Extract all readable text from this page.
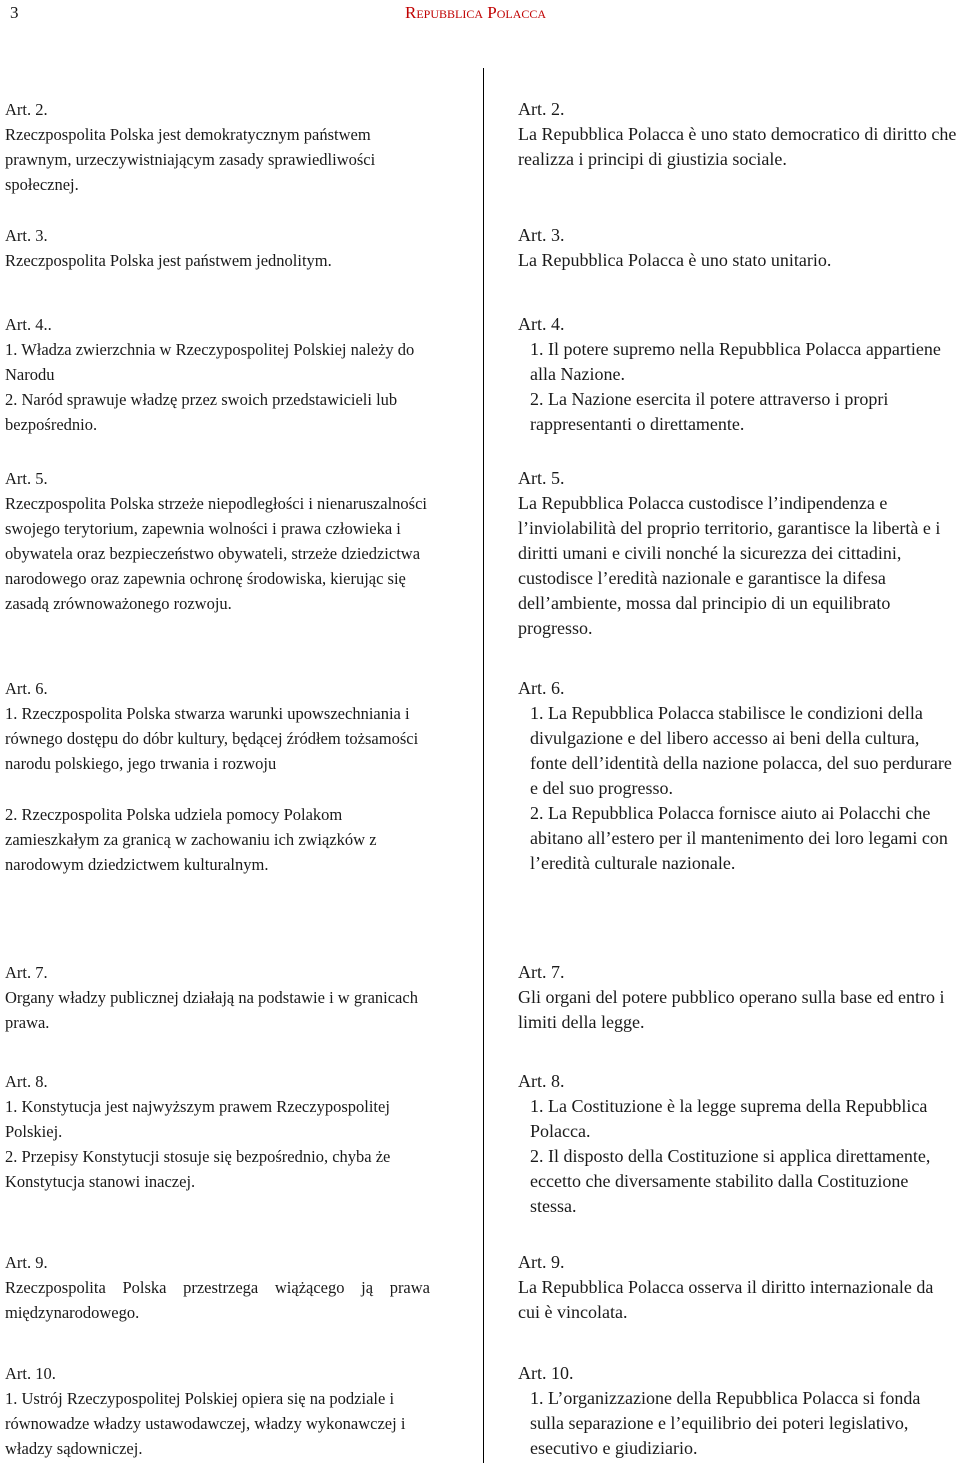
3	Repubblica Polacca
Art. 2.
Rzeczpospolita Polska jest demokratycznym państwem prawnym, urzeczywistniającym zasady sprawiedliwości społecznej.
Art. 3.
Rzeczpospolita Polska jest państwem jednolitym.
Art. 4..
1. Władza zwierzchnia w Rzeczypospolitej Polskiej należy do Narodu
2. Naród sprawuje władzę przez swoich przedstawicieli lub bezpośrednio.
Art. 5.
Rzeczpospolita Polska strzeże niepodległości i nienaruszalności swojego terytorium, zapewnia wolności i prawa człowieka i obywatela oraz bezpieczeństwo obywateli, strzeże dziedzictwa narodowego oraz zapewnia ochronę środowiska, kierując się zasadą zrównoważonego rozwoju.
Art. 6.
1. Rzeczpospolita Polska stwarza warunki upowszechniania i równego dostępu do dóbr kultury, będącej źródłem tożsamości narodu polskiego, jego trwania i rozwoju
2. Rzeczpospolita Polska udziela pomocy Polakom zamieszkałym za granicą w zachowaniu ich związków z narodowym dziedzictwem kulturalnym.
Art. 7.
Organy władzy publicznej działają na podstawie i w granicach prawa.
Art. 8.
1. Konstytucja jest najwyższym prawem Rzeczypospolitej Polskiej.
2. Przepisy Konstytucji stosuje się bezpośrednio, chyba że Konstytucja stanowi inaczej.
Art. 9.
Rzeczpospolita Polska przestrzega wiążącego ją prawa międzynarodowego.
Art. 10.
1. Ustrój Rzeczypospolitej Polskiej opiera się na podziale i równowadze władzy ustawodawczej, władzy wykonawczej i władzy sądowniczej.
Art. 2.
La Repubblica Polacca è uno stato democratico di diritto che realizza i principi di giustizia sociale.
Art. 3.
La Repubblica Polacca è uno stato unitario.
Art. 4.
1. Il potere supremo nella Repubblica Polacca appartiene alla Nazione.
2. La Nazione esercita il potere attraverso i propri rappresentanti o direttamente.
Art. 5.
La Repubblica Polacca custodisce l’indipendenza e l’inviolabilità del proprio territorio, garantisce la libertà e i diritti umani e civili nonché la sicurezza dei cittadini, custodisce l’eredità nazionale e garantisce la difesa dell’ambiente, mossa dal principio di un equilibrato progresso.
Art. 6.
1. La Repubblica Polacca stabilisce le condizioni della divulgazione e del libero accesso ai beni della cultura, fonte dell’identità della nazione polacca, del suo perdurare e del suo progresso.
2. La Repubblica Polacca fornisce aiuto ai Polacchi che abitano all’estero per il mantenimento dei loro legami con l’eredità culturale nazionale.
Art. 7.
Gli organi del potere pubblico operano sulla base ed entro i limiti della legge.
Art. 8.
1. La Costituzione è la legge suprema della Repubblica Polacca.
2. Il disposto della Costituzione si applica direttamente, eccetto che diversamente stabilito dalla Costituzione stessa.
Art. 9.
La Repubblica Polacca osserva il diritto internazionale da cui è vincolata.
Art. 10.
1. L’organizzazione della Repubblica Polacca si fonda sulla separazione e l’equilibrio dei poteri legislativo, esecutivo e giudiziario.
